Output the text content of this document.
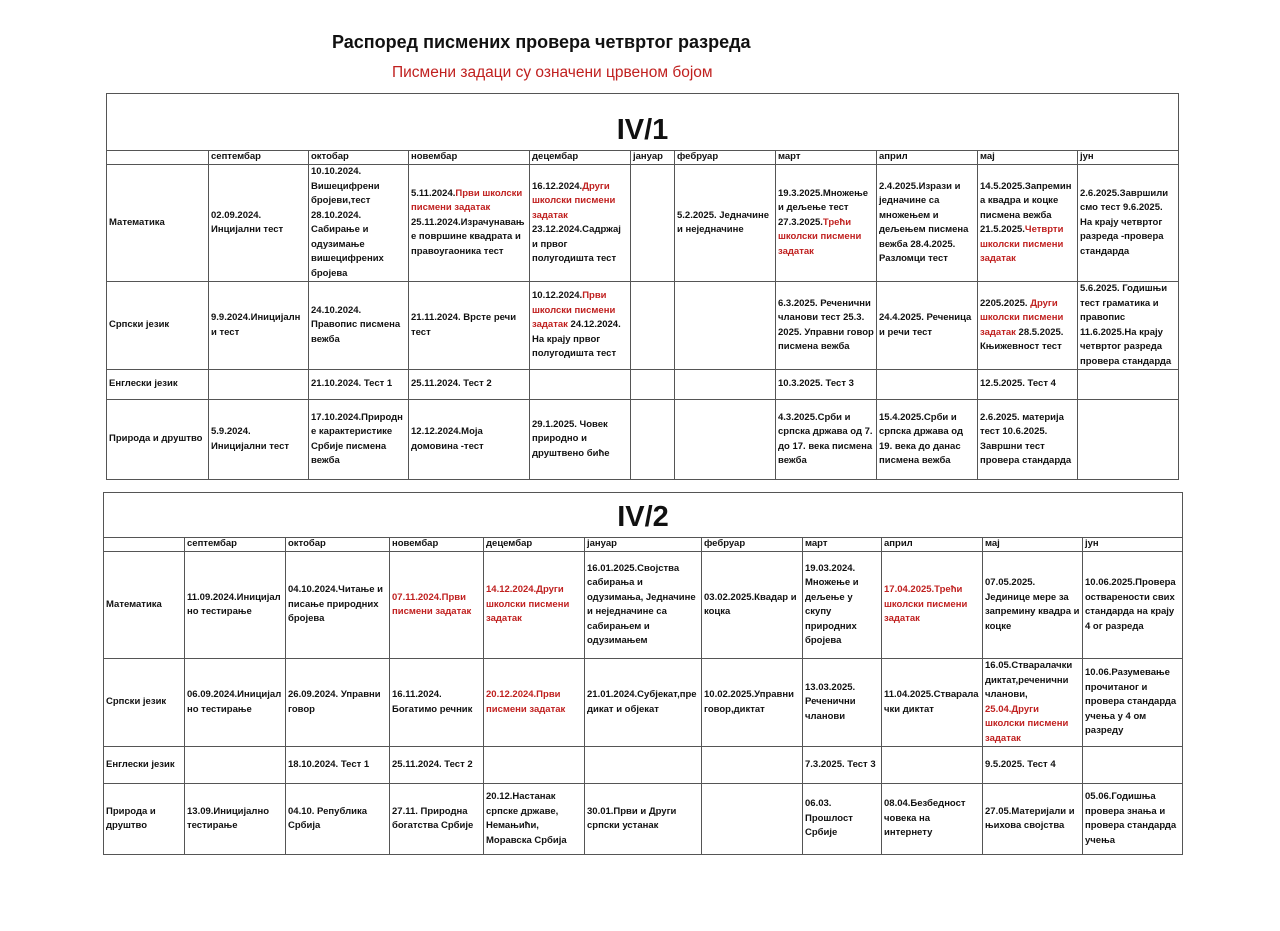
Распоред писмених провера четвртог разреда
Писмени задаци су означени црвеном бојом
IV/1										
	септембар	октобар	новембар	децембар	јануар	фебруар	март	април	мај	јун
Математика	02.09.2024. Инцијални тест	10.10.2024. Вишецифрени бројеви,тест 28.10.2024. Сабирање и одузимање вишецифрених бројева	5.11.2024.Први школски писмени задатак 25.11.2024.Израчунавање површине квадрата и правоугаоника тест	16.12.2024.Други школски писмени задатак 23.12.2024.Садржај и првог полугодишта тест		5.2.2025. Једначине и неједначине	19.3.2025.Множење и дељење тест 27.3.2025.Трећи школски писмени задатак	2.4.2025.Изрази и једначине са множењем и дељењем писмена вежба 28.4.2025. Разломци тест	14.5.2025.Запремина квадра и коцке писмена вежба 21.5.2025.Четврти школски писмени задатак	2.6.2025.Завршили смо тест 9.6.2025. На крају четвртог разреда -провера стандарда
Српски језик	9.9.2024.Иницијални тест	24.10.2024. Правопис писмена вежба	21.11.2024. Врсте речи тест	10.12.2024.Први школски писмени задатак 24.12.2024. На крају првог полугодишта тест			6.3.2025. Реченични чланови тест 25.3. 2025. Управни говор писмена вежба	24.4.2025. Реченица и речи тест	2205.2025. Други школски писмени задатак 28.5.2025. Књижевност тест	5.6.2025. Годишњи тест граматика и правопис 11.6.2025.На крају четвртог разреда провера стандарда
Енглески језик		21.10.2024. Тест 1	25.11.2024. Тест 2				10.3.2025. Тест 3		12.5.2025. Тест 4	
Природа и друштво	5.9.2024. Иницијални тест	17.10.2024.Природне карактеристике Србије писмена вежба	12.12.2024.Моја домовина -тест	29.1.2025. Човек природно и друштвено биће			4.3.2025.Срби и српска држава од 7. до 17. века писмена вежба	15.4.2025.Срби и српска држава од 19. века до данас писмена вежба	2.6.2025. материја тест 10.6.2025. Завршни тест провера стандарда	
IV/2										
	септембар	октобар	новембар	децембар	јануар	фебруар	март	април	мај	јун
Математика	11.09.2024.Иницијално тестирање	04.10.2024.Читање и писање природних бројева	07.11.2024.Први писмени задатак	14.12.2024.Други школски писмени задатак	16.01.2025.Својства сабирања и одузимања, Једначине и неједначине са сабирањем и одузимањем	03.02.2025.Квадар и коцка	19.03.2024. Множење и дељење у скупу природних бројева	17.04.2025.Трећи школски писмени задатак	07.05.2025. Јединице мере за запремину квадра и коцке	10.06.2025.Провера остварености свих стандарда на крају 4 ог разреда
Српски језик	06.09.2024.Иницијално тестирање	26.09.2024. Управни говор	16.11.2024. Богатимо речник	20.12.2024.Први писмени задатак	21.01.2024.Субјекат,предикат и објекат	10.02.2025.Управни говор,диктат	13.03.2025. Реченични чланови	11.04.2025.Стваралачки диктат	16.05.Стваралачки диктат,реченични чланови, 25.04.Други школски писмени задатак	10.06.Разумевање прочитаног и провера стандарда учења у 4 ом разреду
Енглески језик		18.10.2024. Тест 1	25.11.2024. Тест 2				7.3.2025. Тест 3		9.5.2025. Тест 4	
Природа и друштво	13.09.Иницијално тестирање	04.10. Република Србија	27.11. Природна богатства Србије	20.12.Настанак српске државе, Немањићи, Моравска Србија	30.01.Први и Други српски устанак		06.03. Прошлост Србије	08.04.Безбедност човека на интернету	27.05.Материјали и њихова својства	05.06.Годишња провера знања и провера стандарда учења
